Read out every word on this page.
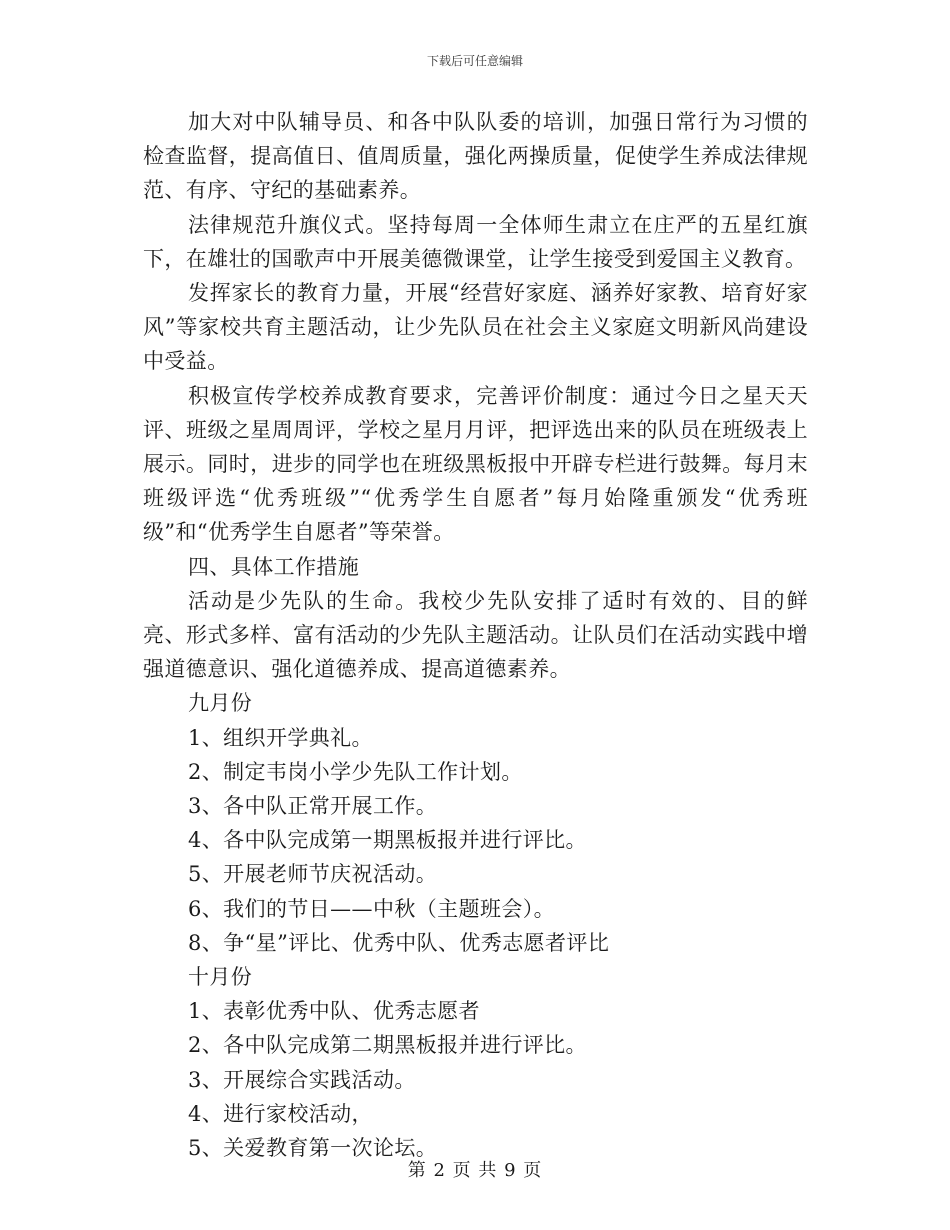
下载后可任意编辑

加大对中队辅导员、和各中队队委的培训，加强日常行为习惯的检查监督，提高值日、值周质量，强化两操质量，促使学生养成法律规范、有序、守纪的基础素养。

法律规范升旗仪式。坚持每周一全体师生肃立在庄严的五星红旗下，在雄壮的国歌声中开展美德微课堂，让学生接受到爱国主义教育。

发挥家长的教育力量，开展“经营好家庭、涵养好家教、培育好家风”等家校共育主题活动，让少先队员在社会主义家庭文明新风尚建设中受益。

积极宣传学校养成教育要求，完善评价制度：通过今日之星天天评、班级之星周周评，学校之星月月评，把评选出来的队员在班级表上展示。同时，进步的同学也在班级黑板报中开辟专栏进行鼓舞。每月末班级评选“优秀班级”“优秀学生自愿者”每月始隆重颁发“优秀班级”和“优秀学生自愿者”等荣誉。

四、具体工作措施

活动是少先队的生命。我校少先队安排了适时有效的、目的鲜亮、形式多样、富有活动的少先队主题活动。让队员们在活动实践中增强道德意识、强化道德养成、提高道德素养。

九月份
1、组织开学典礼。
2、制定韦岗小学少先队工作计划。
3、各中队正常开展工作。
4、各中队完成第一期黑板报并进行评比。
5、开展老师节庆祝活动。
6、我们的节日——中秋（主题班会）。
8、争“星”评比、优秀中队、优秀志愿者评比
十月份
1、表彰优秀中队、优秀志愿者
2、各中队完成第二期黑板报并进行评比。
3、开展综合实践活动。
4、进行家校活动，
5、关爱教育第一次论坛。
第 2 页 共 9 页
